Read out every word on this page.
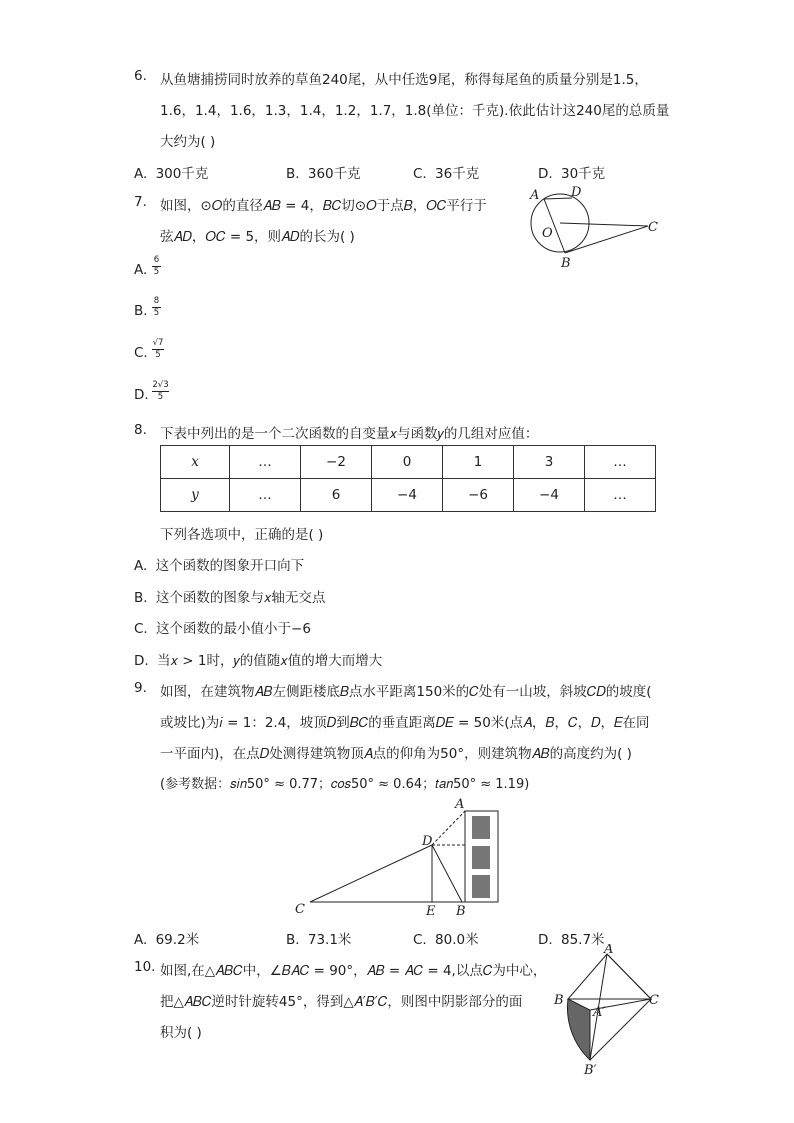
6. 从鱼塘捕捞同时放养的草鱼240尾，从中任选9尾，称得每尾鱼的质量分别是1.5，
1.6，1.4，1.6，1.3，1.4，1.2，1.7，1.8(单位：千克).依此估计这240尾的总质量
大约为( )
A. 300千克	B. 360千克	C. 36千克	D. 30千克
7. 如图，⊙𝑂的直径𝐴𝐵 = 4，𝐵𝐶切⊙𝑂于点𝐵，𝑂𝐶平行于
弦𝐴𝐷，𝑂𝐶 = 5，则𝐴𝐷的长为( )
A.
6
5
B.
8
5
C.
√7
5
D.
2√3
5
A D
O	C
B
8. 下表中列出的是一个二次函数的自变量𝑥与函数𝑦的几组对应值：
𝑥	…	−2	0	1	3	…
𝑦	…	6	−4	−6	−4	…
下列各选项中，正确的是( )
A. 这个函数的图象开口向下
B. 这个函数的图象与𝑥轴无交点
C. 这个函数的最小值小于−6
D. 当𝑥 > 1时，𝑦的值随𝑥值的增大而增大
9. 如图，在建筑物𝐴𝐵左侧距楼底𝐵点水平距离150米的𝐶处有一山坡，斜坡𝐶𝐷的坡度(
或坡比)为𝑖 = 1：2.4，坡顶𝐷到𝐵𝐶的垂直距离𝐷𝐸 = 50米(点𝐴，𝐵，𝐶，𝐷，𝐸在同
一平面内)，在点𝐷处测得建筑物顶𝐴点的仰角为50°，则建筑物𝐴𝐵的高度约为( )
(参考数据：𝑠𝑖𝑛50° ≈ 0.77；𝑐𝑜𝑠50° ≈ 0.64；𝑡𝑎𝑛50° ≈ 1.19)
A
D
C	E B
A. 69.2米	B. 73.1米	C. 80.0米	D. 85.7米
10. 如图,在△𝐴𝐵𝐶中，∠𝐵𝐴𝐶 = 90°，𝐴𝐵 = 𝐴𝐶 = 4,以点𝐶为中心，
把△𝐴𝐵𝐶逆时针旋转45°，得到△𝐴′𝐵′𝐶，则图中阴影部分的面
积为( )
A
B	C
A′
B′
